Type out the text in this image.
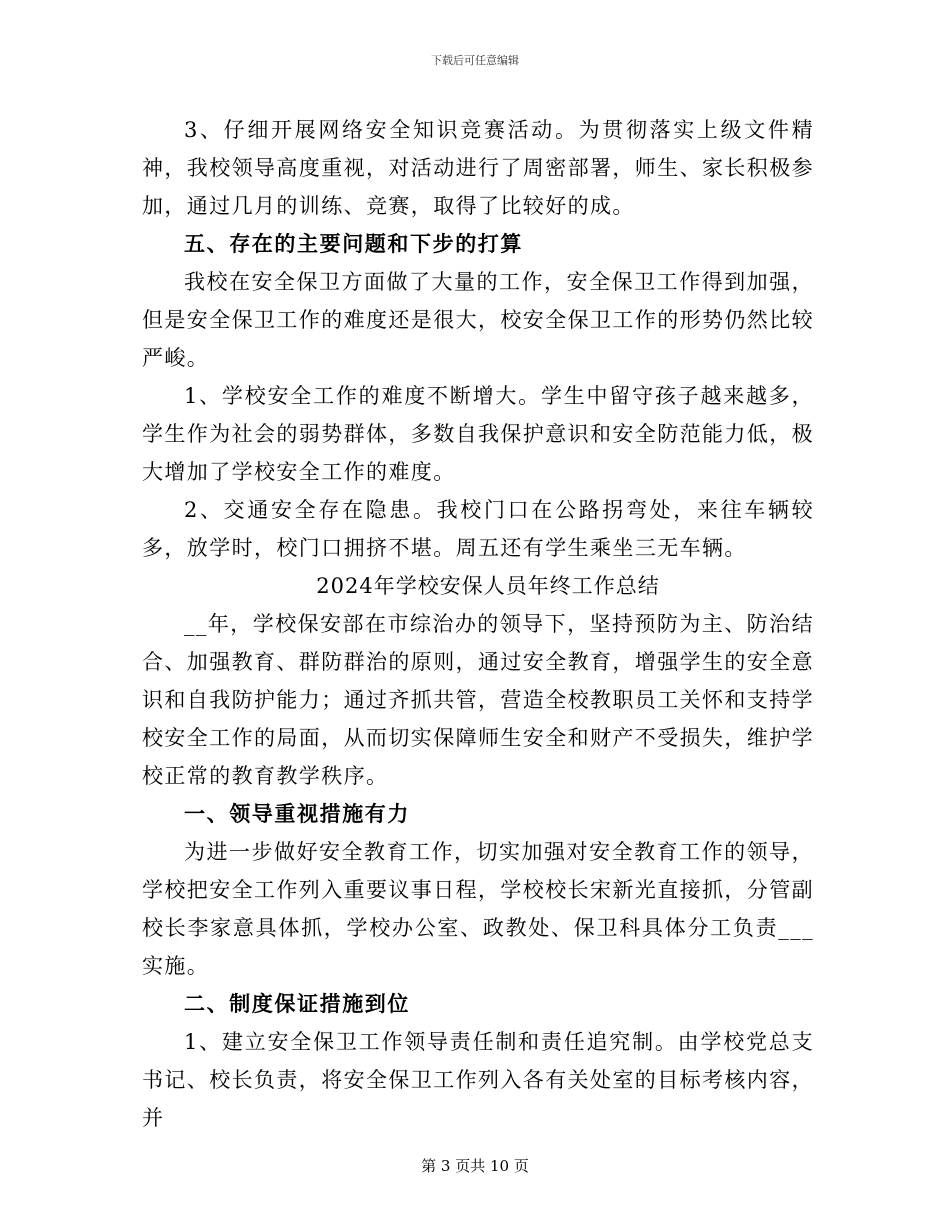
下载后可任意编辑

3、仔细开展网络安全知识竞赛活动。为贯彻落实上级文件精神，我校领导高度重视，对活动进行了周密部署，师生、家长积极参加，通过几月的训练、竞赛，取得了比较好的成。

五、存在的主要问题和下步的打算

我校在安全保卫方面做了大量的工作，安全保卫工作得到加强，但是安全保卫工作的难度还是很大，校安全保卫工作的形势仍然比较严峻。

1、学校安全工作的难度不断增大。学生中留守孩子越来越多，学生作为社会的弱势群体，多数自我保护意识和安全防范能力低，极大增加了学校安全工作的难度。

2、交通安全存在隐患。我校门口在公路拐弯处，来往车辆较多，放学时，校门口拥挤不堪。周五还有学生乘坐三无车辆。

2024年学校安保人员年终工作总结

__年，学校保安部在市综治办的领导下，坚持预防为主、防治结合、加强教育、群防群治的原则，通过安全教育，增强学生的安全意识和自我防护能力；通过齐抓共管，营造全校教职员工关怀和支持学校安全工作的局面，从而切实保障师生安全和财产不受损失，维护学校正常的教育教学秩序。

一、领导重视措施有力

为进一步做好安全教育工作，切实加强对安全教育工作的领导，学校把安全工作列入重要议事日程，学校校长宋新光直接抓，分管副校长李家意具体抓，学校办公室、政教处、保卫科具体分工负责___实施。

二、制度保证措施到位

1、建立安全保卫工作领导责任制和责任追究制。由学校党总支书记、校长负责，将安全保卫工作列入各有关处室的目标考核内容，并

第 3 页共 10 页
